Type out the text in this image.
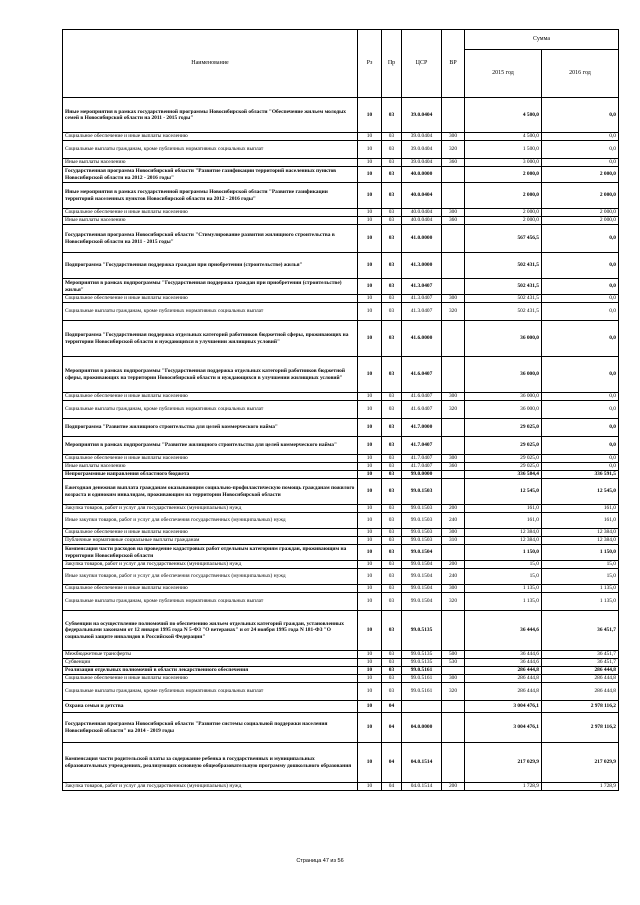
Наименование	Рз	Пр	ЦСР	ВР	Сумма	
					2015 год	2016 год
Иные мероприятия в рамках государственной программы Новосибирской области "Обеспечение жильем молодых семей в Новосибирской области на 2011 - 2015 годы"	10	03	39.0.0404		4 500,0	0,0
Социальное обеспечение и иные выплаты населению	10	03	39.0.0404	300	4 500,0	0,0
Социальные выплаты гражданам, кроме публичных нормативных социальных выплат	10	03	39.0.0404	320	1 500,0	0,0
Иные выплаты населению	10	03	39.0.0404	360	3 000,0	0,0
Государственная программа Новосибирской области "Развитие газификации территорий населенных пунктов Новосибирской области на 2012 - 2016 годы"	10	03	40.0.0000		2 000,0	2 000,0
Иные мероприятия в рамках государственной программы Новосибирской области "Развитие газификации территорий населенных пунктов Новосибирской области на 2012 - 2016 годы"	10	03	40.0.0404		2 000,0	2 000,0
Социальное обеспечение и иные выплаты населению	10	03	40.0.0404	300	2 000,0	2 000,0
Иные выплаты населению	10	03	40.0.0404	360	2 000,0	2 000,0
Государственная программа Новосибирской области "Стимулирование развития жилищного строительства в Новосибирской области на 2011 - 2015 годы"	10	03	41.0.0000		567 456,5	0,0
Подпрограмма "Государственная поддержка граждан при приобретении (строительстве) жилья"	10	03	41.3.0000		502 431,5	0,0
Мероприятия в рамках подпрограммы "Государственная поддержка граждан при приобретении (строительстве) жилья"	10	03	41.3.0407		502 431,5	0,0
Социальное обеспечение и иные выплаты населению	10	03	41.3.0407	300	502 431,5	0,0
Социальные выплаты гражданам, кроме публичных нормативных социальных выплат	10	03	41.3.0407	320	502 431,5	0,0
Подпрограмма "Государственная поддержка отдельных категорий работников бюджетной сферы, проживающих на территории Новосибирской области и нуждающихся в улучшении жилищных условий"	10	03	41.6.0000		36 000,0	0,0
Мероприятия в рамках подпрограммы "Государственная поддержка отдельных категорий работников бюджетной сферы, проживающих на территории Новосибирской области и нуждающихся в улучшении жилищных условий"	10	03	41.6.0407		36 000,0	0,0
Социальное обеспечение и иные выплаты населению	10	03	41.6.0407	300	36 000,0	0,0
Социальные выплаты гражданам, кроме публичных нормативных социальных выплат	10	03	41.6.0407	320	36 000,0	0,0
Подпрограмма "Развитие жилищного строительства для целей коммерческого найма"	10	03	41.7.0000		29 025,0	0,0
Мероприятия в рамках подпрограммы "Развитие жилищного строительства для целей коммерческого найма"	10	03	41.7.0407		29 025,0	0,0
Социальное обеспечение и иные выплаты населению	10	03	41.7.0407	300	29 025,0	0,0
Иные выплаты населению	10	03	41.7.0407	360	29 025,0	0,0
Непрограммные направления областного бюджета	10	03	99.0.0000		336 584,4	336 591,5
Ежегодная денежная выплата гражданам оказывающим социально-профилактическую помощь гражданам пожилого возраста и одиноким инвалидам, проживающим на территории Новосибирской области	10	03	99.0.1503		12 545,0	12 545,0
Закупка товаров, работ и услуг для государственных (муниципальных) нужд	10	03	99.0.1503	200	161,0	161,0
Иные закупки товаров, работ и услуг для обеспечения государственных (муниципальных) нужд	10	03	99.0.1503	240	161,0	161,0
Социальное обеспечение и иные выплаты населению	10	03	99.0.1503	300	12 384,0	12 384,0
Публичные нормативные социальные выплаты гражданам	10	03	99.0.1503	310	12 384,0	12 384,0
Компенсация части расходов на проведение кадастровых работ отдельным категориям граждан, проживающим на территории Новосибирской области	10	03	99.0.1504		1 150,0	1 150,0
Закупка товаров, работ и услуг для государственных (муниципальных) нужд	10	03	99.0.1504	200	15,0	15,0
Иные закупки товаров, работ и услуг для обеспечения государственных (муниципальных) нужд	10	03	99.0.1504	240	15,0	15,0
Социальное обеспечение и иные выплаты населению	10	03	99.0.1504	300	1 135,0	1 135,0
Социальные выплаты гражданам, кроме публичных нормативных социальных выплат	10	03	99.0.1504	320	1 135,0	1 135,0
Субвенции на осуществление полномочий по обеспечению жильем отдельных категорий граждан, установленных федеральными законами от 12 января 1995 года N 5-ФЗ "О ветеранах" и от 24 ноября 1995 года N 181-ФЗ "О социальной защите инвалидов в Российской Федерации"	10	03	99.0.5135		36 444,6	36 451,7
Межбюджетные трансферты	10	03	99.0.5135	500	36 444,6	36 451,7
Субвенции	10	03	99.0.5135	530	36 444,6	36 451,7
Реализация отдельных полномочий в области лекарственного обеспечения	10	03	99.0.5161		286 444,8	286 444,8
Социальное обеспечение и иные выплаты населению	10	03	99.0.5161	300	286 444,8	286 444,8
Социальные выплаты гражданам, кроме публичных нормативных социальных выплат	10	03	99.0.5161	320	286 444,8	286 444,8
Охрана семьи и детства	10	04			3 004 476,1	2 978 116,2
Государственная программа Новосибирской области "Развитие системы социальной поддержки населения Новосибирской области" на 2014 - 2019 годы	10	04	04.0.0000		3 004 476,1	2 978 116,2
Компенсация части родительской платы за содержание ребенка в государственных и муниципальных образовательных учреждениях, реализующих основную общеобразовательную программу дошкольного образования	10	04	04.0.1514		217 029,9	217 029,9
Закупка товаров, работ и услуг для государственных (муниципальных) нужд	10	04	04.0.1514	200	1 728,9	1 728,9
Страница 47 из 56
